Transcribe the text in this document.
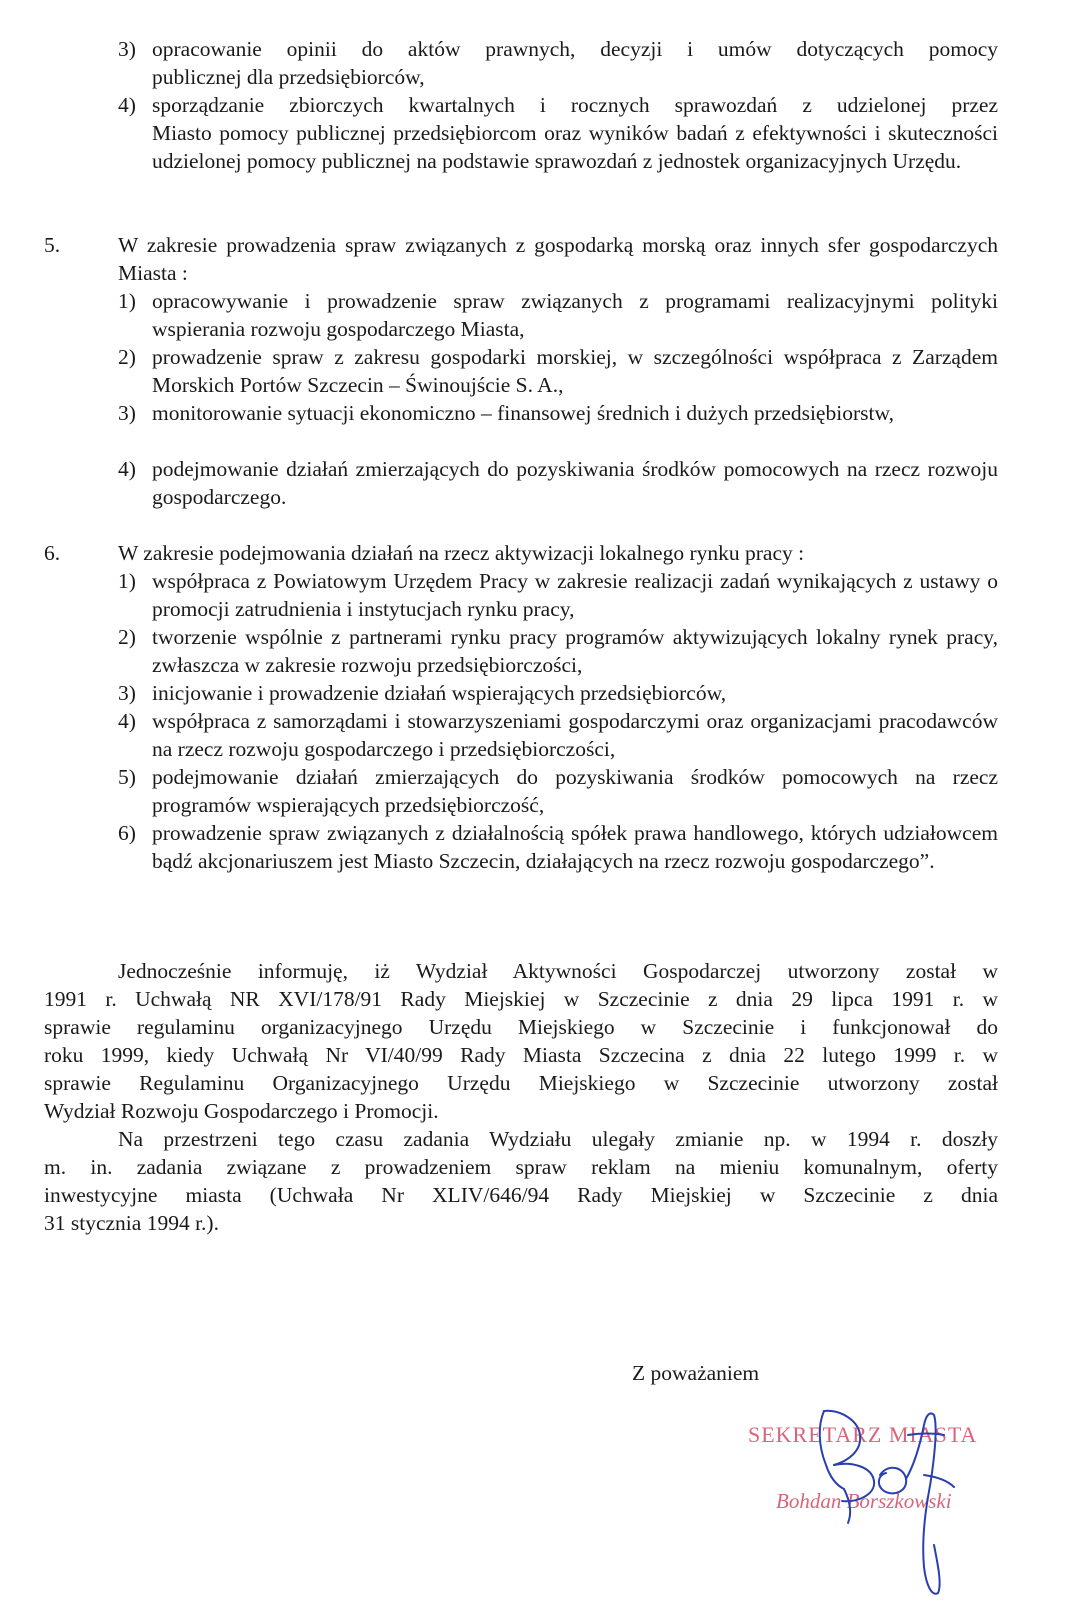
3) opracowanie opinii do aktów prawnych, decyzji i umów dotyczących pomocy
publicznej dla przedsiębiorców,
4) sporządzanie zbiorczych kwartalnych i rocznych sprawozdań z udzielonej przez
Miasto pomocy publicznej przedsiębiorcom oraz wyników badań z efektywności i skuteczności udzielonej pomocy publicznej na podstawie sprawozdań z jednostek organizacyjnych Urzędu.
5.	W zakresie prowadzenia spraw związanych z gospodarką morską oraz innych sfer gospodarczych Miasta :
1) opracowywanie i prowadzenie spraw związanych z programami realizacyjnymi polityki wspierania rozwoju gospodarczego Miasta,
2) prowadzenie spraw z zakresu gospodarki morskiej, w szczególności współpraca z Zarządem Morskich Portów Szczecin – Świnoujście S. A.,
3) monitorowanie sytuacji ekonomiczno – finansowej średnich i dużych przedsiębiorstw,
4) podejmowanie działań zmierzających do pozyskiwania środków pomocowych na rzecz rozwoju gospodarczego.
6.	W zakresie podejmowania działań na rzecz aktywizacji lokalnego rynku pracy :
1) współpraca z Powiatowym Urzędem Pracy w zakresie realizacji zadań wynikających z ustawy o promocji zatrudnienia i instytucjach rynku pracy,
2) tworzenie wspólnie z partnerami rynku pracy programów aktywizujących lokalny rynek pracy, zwłaszcza w zakresie rozwoju przedsiębiorczości,
3) inicjowanie i prowadzenie działań wspierających przedsiębiorców,
4) współpraca z samorządami i stowarzyszeniami gospodarczymi oraz organizacjami pracodawców na rzecz rozwoju gospodarczego i przedsiębiorczości,
5) podejmowanie działań zmierzających do pozyskiwania środków pomocowych na rzecz programów wspierających przedsiębiorczość,
6) prowadzenie spraw związanych z działalnością spółek prawa handlowego, których udziałowcem bądź akcjonariuszem jest Miasto Szczecin, działających na rzecz rozwoju gospodarczego”.
Jednocześnie informuję, iż Wydział Aktywności Gospodarczej utworzony został w
1991 r. Uchwałą NR XVI/178/91 Rady Miejskiej w Szczecinie z dnia 29 lipca 1991 r. w
sprawie regulaminu organizacyjnego Urzędu Miejskiego w Szczecinie i funkcjonował do
roku 1999, kiedy Uchwałą Nr VI/40/99 Rady Miasta Szczecina z dnia 22 lutego 1999 r. w
sprawie Regulaminu Organizacyjnego Urzędu Miejskiego w Szczecinie utworzony został
Wydział Rozwoju Gospodarczego i Promocji.
Na przestrzeni tego czasu zadania Wydziału ulegały zmianie np. w 1994 r. doszły
m. in. zadania związane z prowadzeniem spraw reklam na mieniu komunalnym, oferty
inwestycyjne miasta (Uchwała Nr XLIV/646/94 Rady Miejskiej w Szczecinie z dnia
31 stycznia 1994 r.).
Z poważaniem
SEKRETARZ MIASTA
Bohdan Borszkowski
